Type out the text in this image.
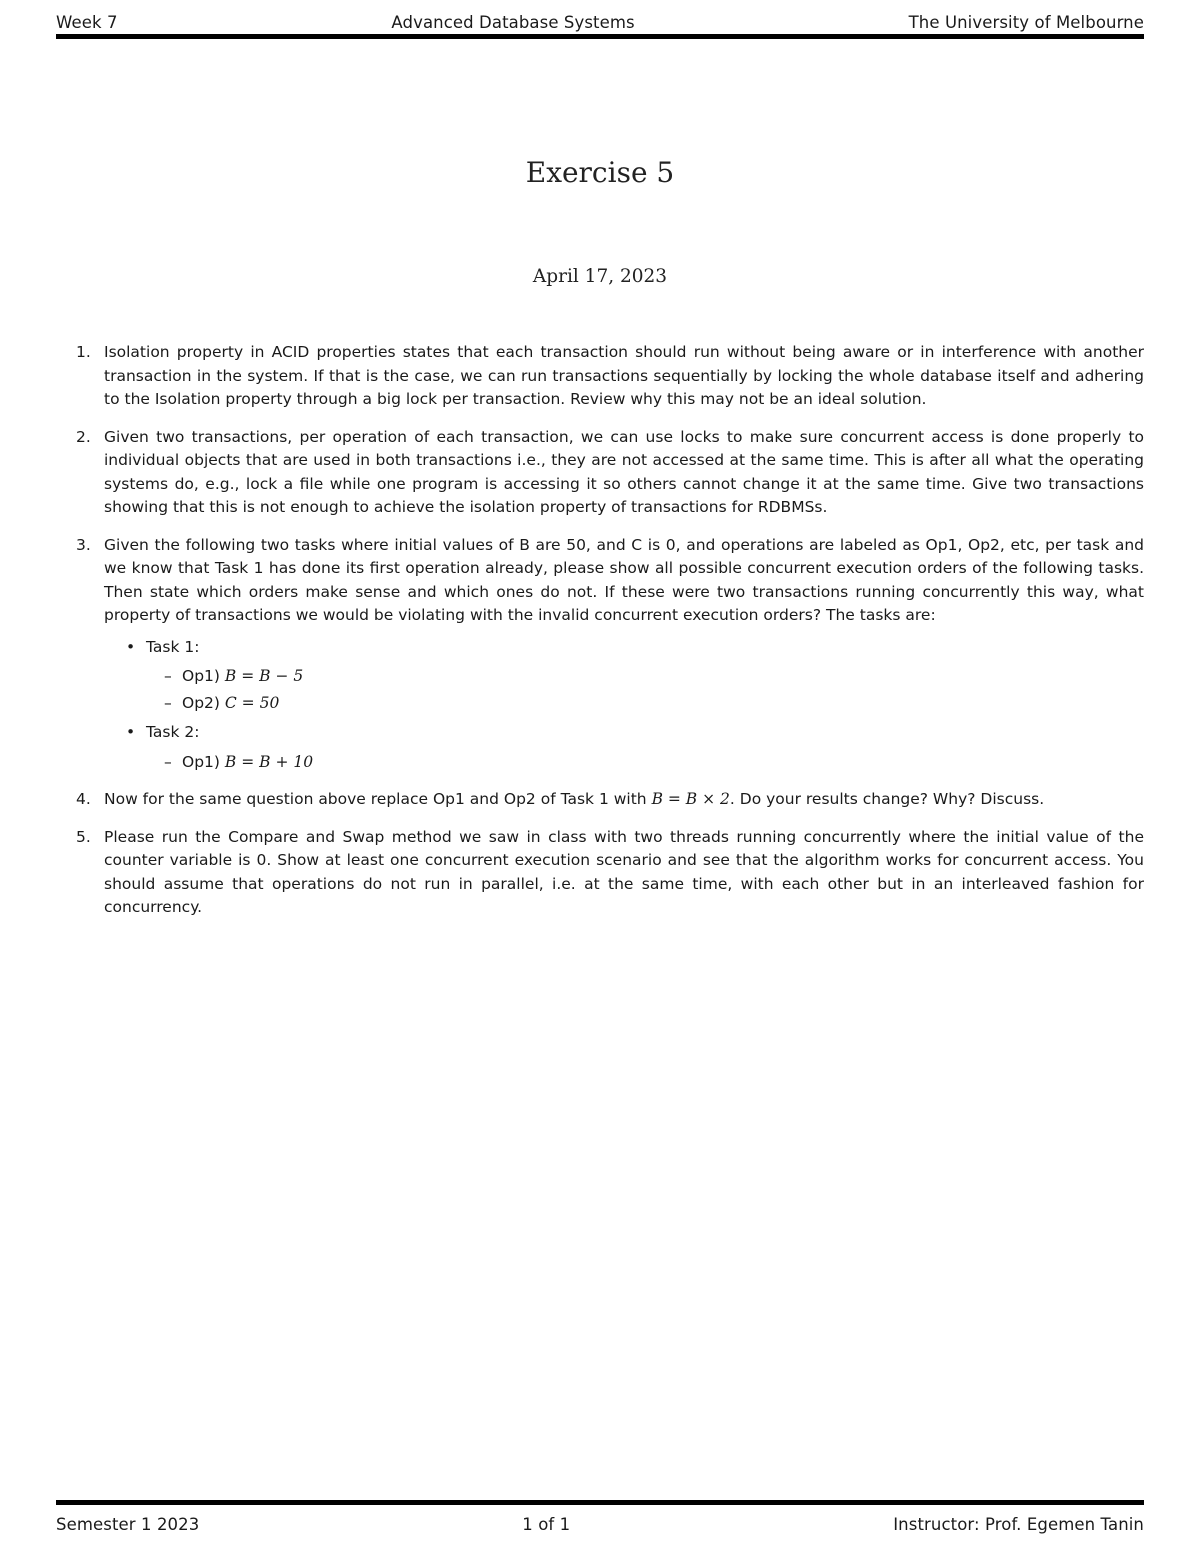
Week 7	Advanced Database Systems	The University of Melbourne
Exercise 5
April 17, 2023
1. Isolation property in ACID properties states that each transaction should run without being aware or in interference with another transaction in the system. If that is the case, we can run transactions sequentially by locking the whole database itself and adhering to the Isolation property through a big lock per transaction. Review why this may not be an ideal solution.
2. Given two transactions, per operation of each transaction, we can use locks to make sure concurrent access is done properly to individual objects that are used in both transactions i.e., they are not accessed at the same time. This is after all what the operating systems do, e.g., lock a file while one program is accessing it so others cannot change it at the same time. Give two transactions showing that this is not enough to achieve the isolation property of transactions for RDBMSs.
3. Given the following two tasks where initial values of B are 50, and C is 0, and operations are labeled as Op1, Op2, etc, per task and we know that Task 1 has done its first operation already, please show all possible concurrent execution orders of the following tasks. Then state which orders make sense and which ones do not. If these were two transactions running concurrently this way, what property of transactions we would be violating with the invalid concurrent execution orders? The tasks are:
• Task 1:
– Op1) B = B − 5
– Op2) C = 50
• Task 2:
– Op1) B = B + 10
4. Now for the same question above replace Op1 and Op2 of Task 1 with B = B × 2. Do your results change? Why? Discuss.
5. Please run the Compare and Swap method we saw in class with two threads running concurrently where the initial value of the counter variable is 0. Show at least one concurrent execution scenario and see that the algorithm works for concurrent access. You should assume that operations do not run in parallel, i.e. at the same time, with each other but in an interleaved fashion for concurrency.
Semester 1 2023	1 of 1	Instructor: Prof. Egemen Tanin
